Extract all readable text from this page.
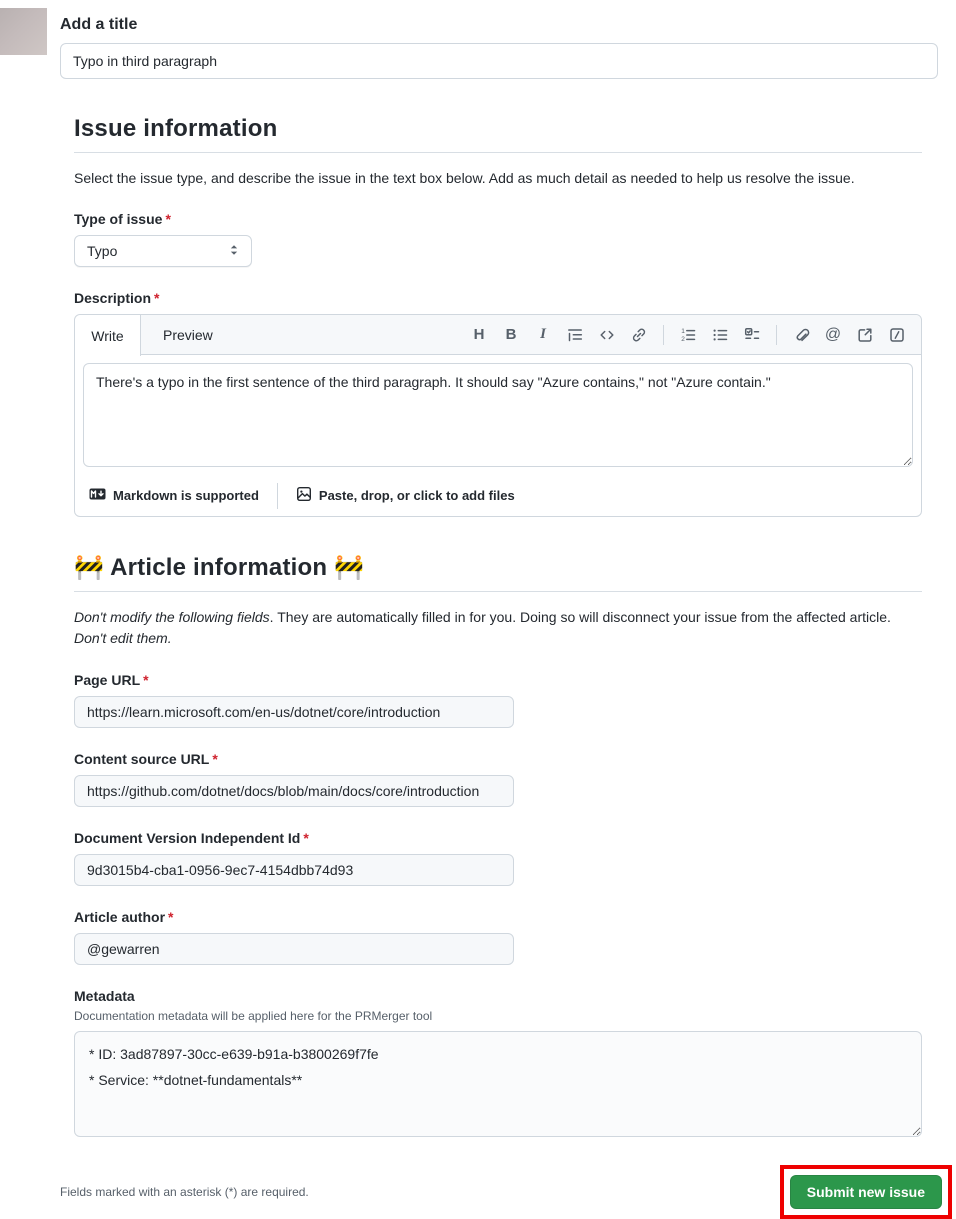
Add a title
Typo in third paragraph
Issue information

Select the issue type, and describe the issue in the text box below. Add as much detail as needed to help us resolve the issue.

Type of issue *
Typo
Description *
Write	Preview	H B I	1
2	@
There's a typo in the first sentence of the third paragraph. It should say "Azure contains," not "Azure contain."
Markdown is supported	Paste, drop, or click to add files
🚧 Article information 🚧

Don't modify the following fields. They are automatically filled in for you. Doing so will disconnect your issue from the affected article. Don't edit them.

Page URL *
https://learn.microsoft.com/en-us/dotnet/core/introduction
Content source URL *
https://github.com/dotnet/docs/blob/main/docs/core/introduction
Document Version Independent Id *
9d3015b4-cba1-0956-9ec7-4154dbb74d93
Article author *
@gewarren
Metadata
Documentation metadata will be applied here for the PRMerger tool
* ID: 3ad87897-30cc-e639-b91a-b3800269f7fe * Service: **dotnet-fundamentals**
Fields marked with an asterisk (*) are required.	Submit new issue
